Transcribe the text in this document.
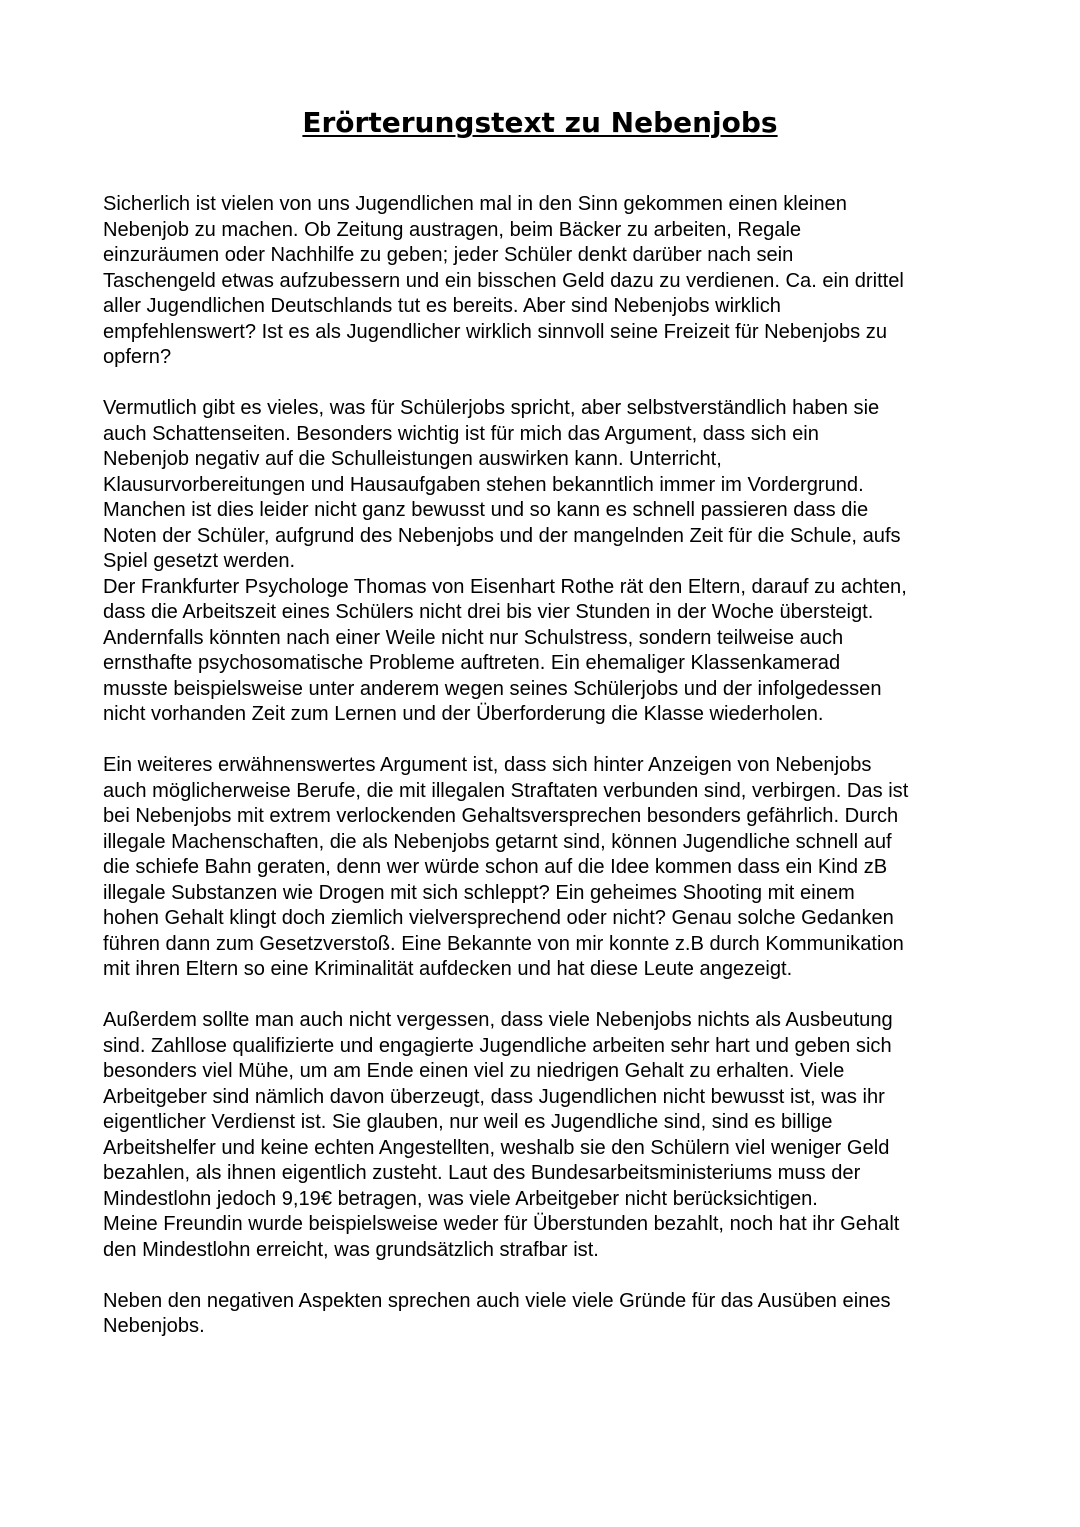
Erörterungstext zu Nebenjobs

Sicherlich ist vielen von uns Jugendlichen mal in den Sinn gekommen einen kleinen
Nebenjob zu machen. Ob Zeitung austragen, beim Bäcker zu arbeiten, Regale
einzuräumen oder Nachhilfe zu geben; jeder Schüler denkt darüber nach sein
Taschengeld etwas aufzubessern und ein bisschen Geld dazu zu verdienen. Ca. ein drittel
aller Jugendlichen Deutschlands tut es bereits. Aber sind Nebenjobs wirklich
empfehlenswert? Ist es als Jugendlicher wirklich sinnvoll seine Freizeit für Nebenjobs zu
opfern?

Vermutlich gibt es vieles, was für Schülerjobs spricht, aber selbstverständlich haben sie
auch Schattenseiten. Besonders wichtig ist für mich das Argument, dass sich ein
Nebenjob negativ auf die Schulleistungen auswirken kann. Unterricht,
Klausurvorbereitungen und Hausaufgaben stehen bekanntlich immer im Vordergrund.
Manchen ist dies leider nicht ganz bewusst und so kann es schnell passieren dass die
Noten der Schüler, aufgrund des Nebenjobs und der mangelnden Zeit für die Schule, aufs
Spiel gesetzt werden.

Der Frankfurter Psychologe Thomas von Eisenhart Rothe rät den Eltern, darauf zu achten,
dass die Arbeitszeit eines Schülers nicht drei bis vier Stunden in der Woche übersteigt.
Andernfalls könnten nach einer Weile nicht nur Schulstress, sondern teilweise auch
ernsthafte psychosomatische Probleme auftreten. Ein ehemaliger Klassenkamerad
musste beispielsweise unter anderem wegen seines Schülerjobs und der infolgedessen
nicht vorhanden Zeit zum Lernen und der Überforderung die Klasse wiederholen.

Ein weiteres erwähnenswertes Argument ist, dass sich hinter Anzeigen von Nebenjobs
auch möglicherweise Berufe, die mit illegalen Straftaten verbunden sind, verbirgen. Das ist
bei Nebenjobs mit extrem verlockenden Gehaltsversprechen besonders gefährlich. Durch
illegale Machenschaften, die als Nebenjobs getarnt sind, können Jugendliche schnell auf
die schiefe Bahn geraten, denn wer würde schon auf die Idee kommen dass ein Kind zB
illegale Substanzen wie Drogen mit sich schleppt? Ein geheimes Shooting mit einem
hohen Gehalt klingt doch ziemlich vielversprechend oder nicht? Genau solche Gedanken
führen dann zum Gesetzverstoß. Eine Bekannte von mir konnte z.B durch Kommunikation
mit ihren Eltern so eine Kriminalität aufdecken und hat diese Leute angezeigt.

Außerdem sollte man auch nicht vergessen, dass viele Nebenjobs nichts als Ausbeutung
sind. Zahllose qualifizierte und engagierte Jugendliche arbeiten sehr hart und geben sich
besonders viel Mühe, um am Ende einen viel zu niedrigen Gehalt zu erhalten. Viele
Arbeitgeber sind nämlich davon überzeugt, dass Jugendlichen nicht bewusst ist, was ihr
eigentlicher Verdienst ist. Sie glauben, nur weil es Jugendliche sind, sind es billige
Arbeitshelfer und keine echten Angestellten, weshalb sie den Schülern viel weniger Geld
bezahlen, als ihnen eigentlich zusteht. Laut des Bundesarbeitsministeriums muss der
Mindestlohn jedoch 9,19€ betragen, was viele Arbeitgeber nicht berücksichtigen.

Meine Freundin wurde beispielsweise weder für Überstunden bezahlt, noch hat ihr Gehalt
den Mindestlohn erreicht, was grundsätzlich strafbar ist.

Neben den negativen Aspekten sprechen auch viele viele Gründe für das Ausüben eines
Nebenjobs.
